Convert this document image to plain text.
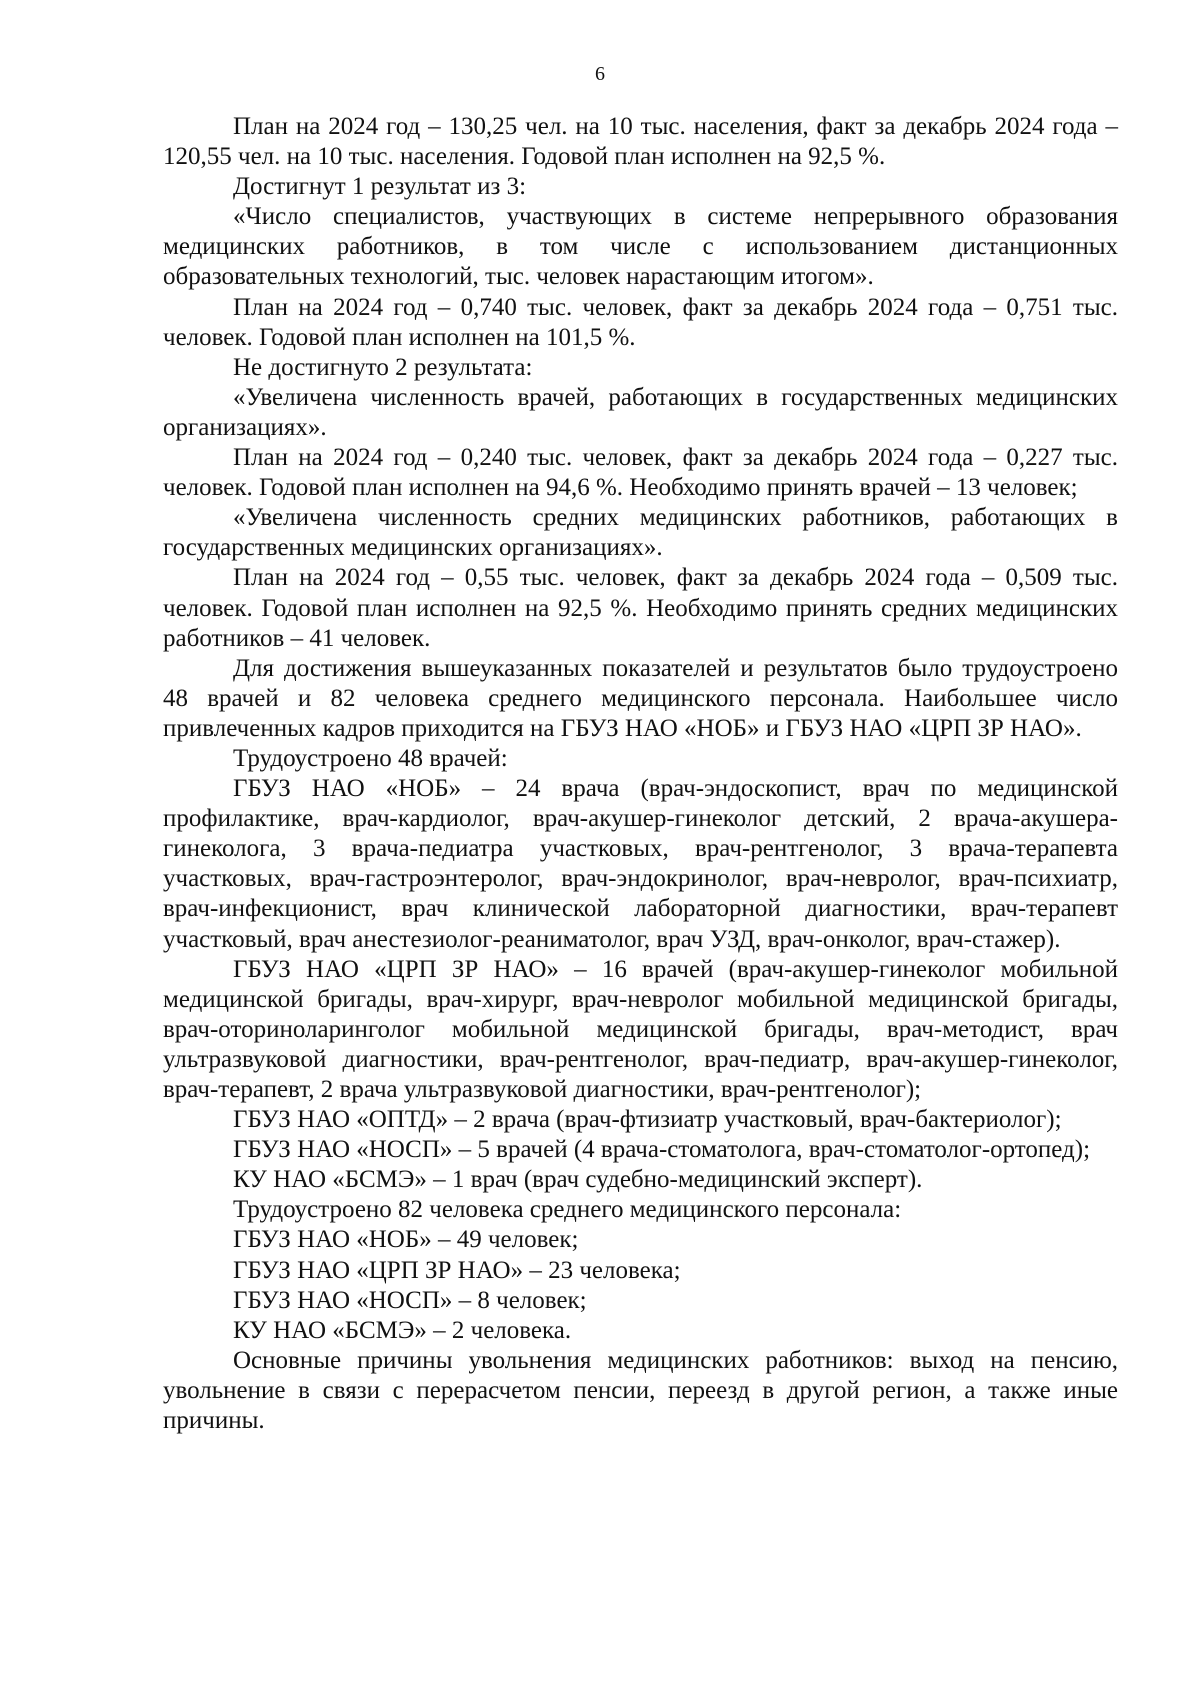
6

План на 2024 год – 130,25 чел. на 10 тыс. населения, факт за декабрь 2024 года – 120,55 чел. на 10 тыс. населения. Годовой план исполнен на 92,5 %.

Достигнут 1 результат из 3:

«Число специалистов, участвующих в системе непрерывного образования медицинских работников, в том числе с использованием дистанционных образовательных технологий, тыс. человек нарастающим итогом».

План на 2024 год – 0,740 тыс. человек, факт за декабрь 2024 года – 0,751 тыс. человек. Годовой план исполнен на 101,5 %.

Не достигнуто 2 результата:

«Увеличена численность врачей, работающих в государственных медицинских организациях».

План на 2024 год – 0,240 тыс. человек, факт за декабрь 2024 года – 0,227 тыс. человек. Годовой план исполнен на 94,6 %. Необходимо принять врачей – 13 человек;

«Увеличена численность средних медицинских работников, работающих в государственных медицинских организациях».

План на 2024 год – 0,55 тыс. человек, факт за декабрь 2024 года – 0,509 тыс. человек. Годовой план исполнен на 92,5 %. Необходимо принять средних медицинских работников – 41 человек.

Для достижения вышеуказанных показателей и результатов было трудоустроено 48 врачей и 82 человека среднего медицинского персонала. Наибольшее число привлеченных кадров приходится на ГБУЗ НАО «НОБ» и ГБУЗ НАО «ЦРП ЗР НАО».

Трудоустроено 48 врачей:

ГБУЗ НАО «НОБ» – 24 врача (врач-эндоскопист, врач по медицинской профилактике, врач-кардиолог, врач-акушер-гинеколог детский, 2 врача-акушера-гинеколога, 3 врача-педиатра участковых, врач-рентгенолог, 3 врача-терапевта участковых, врач-гастроэнтеролог, врач-эндокринолог, врач-невролог, врач-психиатр, врач-инфекционист, врач клинической лабораторной диагностики, врач-терапевт участковый, врач анестезиолог-реаниматолог, врач УЗД, врач-онколог, врач-стажер).

ГБУЗ НАО «ЦРП ЗР НАО» – 16 врачей (врач-акушер-гинеколог мобильной медицинской бригады, врач-хирург, врач-невролог мобильной медицинской бригады, врач-оториноларинголог мобильной медицинской бригады, врач-методист, врач ультразвуковой диагностики, врач-рентгенолог, врач-педиатр, врач-акушер-гинеколог, врач-терапевт, 2 врача ультразвуковой диагностики, врач-рентгенолог);

ГБУЗ НАО «ОПТД» – 2 врача (врач-фтизиатр участковый, врач-бактериолог);

ГБУЗ НАО «НОСП» – 5 врачей (4 врача-стоматолога, врач-стоматолог-ортопед);

КУ НАО «БСМЭ» – 1 врач (врач судебно-медицинский эксперт).

Трудоустроено 82 человека среднего медицинского персонала:

ГБУЗ НАО «НОБ» – 49 человек;

ГБУЗ НАО «ЦРП ЗР НАО» – 23 человека;

ГБУЗ НАО «НОСП» – 8 человек;

КУ НАО «БСМЭ» – 2 человека.

Основные причины увольнения медицинских работников: выход на пенсию, увольнение в связи с перерасчетом пенсии, переезд в другой регион, а также иные причины.
